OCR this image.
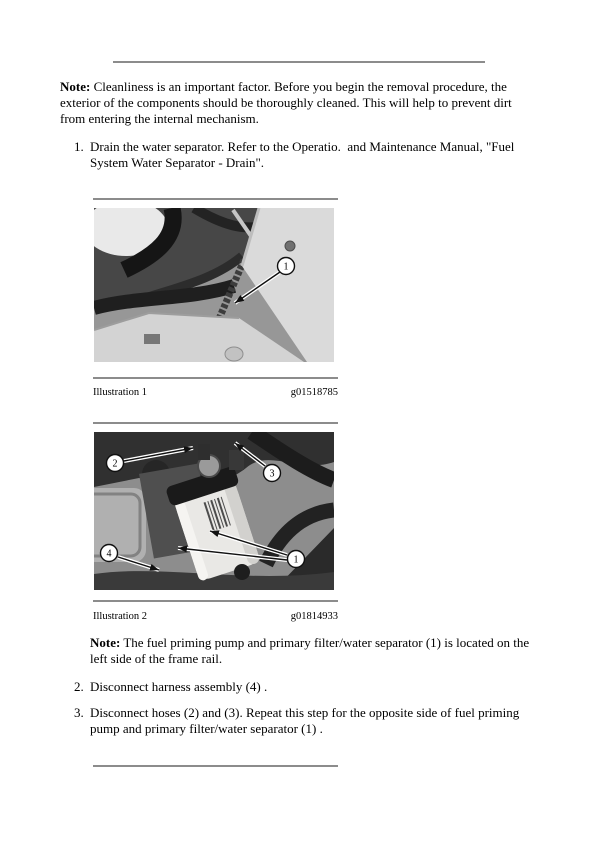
Note: Cleanliness is an important factor. Before you begin the removal procedure, the exterior of the components should be thoroughly cleaned. This will help to prevent dirt from entering the internal mechanism.

1. Drain the water separator. Refer to the Operatio.  and Maintenance Manual, "Fuel System Water Separator - Drain".
1
Illustration 1	g01518785
2
3
1
4
Illustration 2	g01814933

Note: The fuel priming pump and primary filter/water separator (1) is located on the left side of the frame rail.

2. Disconnect harness assembly (4) .
3. Disconnect hoses (2) and (3). Repeat this step for the opposite side of fuel priming pump and primary filter/water separator (1) .
